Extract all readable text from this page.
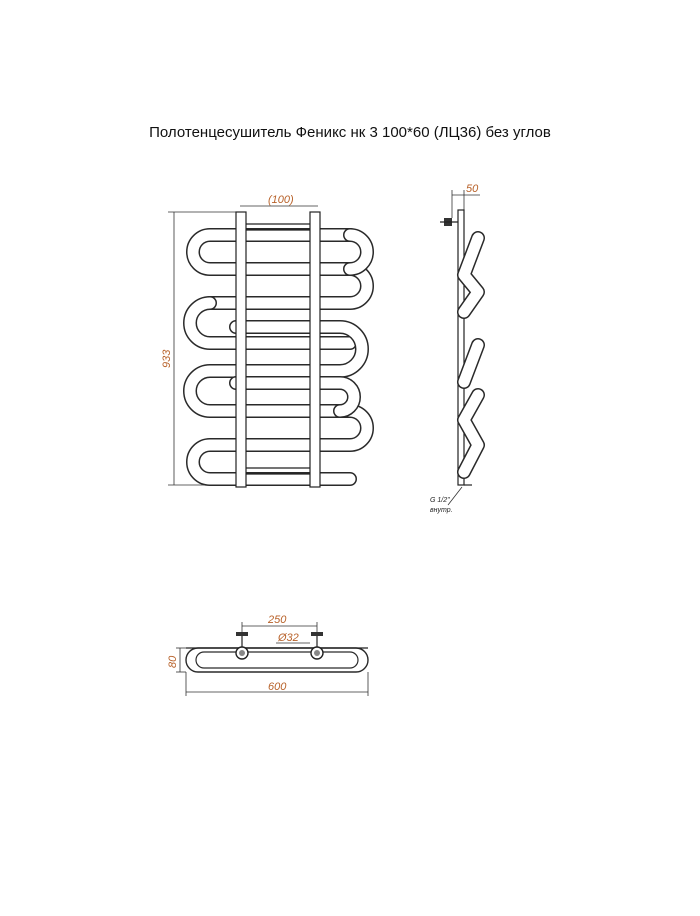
Полотенцесушитель Феникс нк 3 100*60 (ЛЦ36) без углов
933
(100)
50
G 1/2"
внутр.
250
Ø32
80
600
